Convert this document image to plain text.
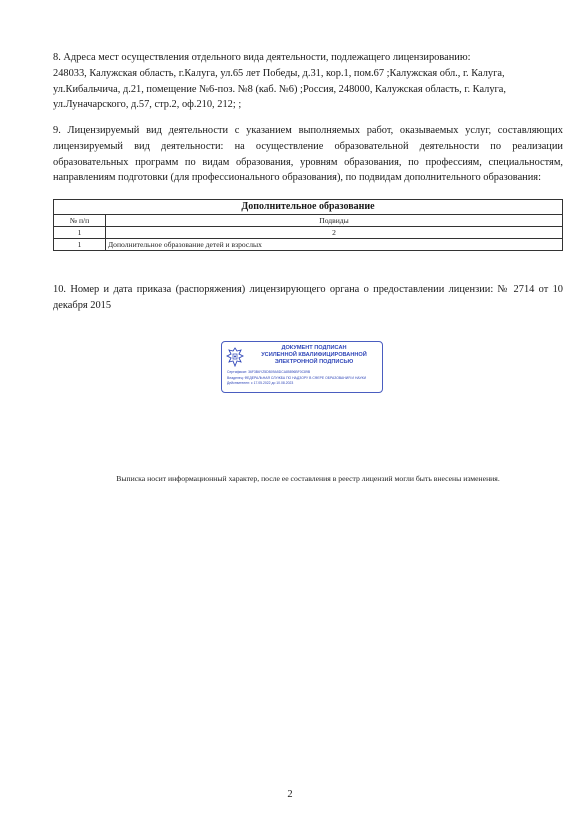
8. Адреса мест осуществления отдельного вида деятельности, подлежащего лицензированию:

248033, Калужская область, г.Калуга, ул.65 лет Победы, д.31, кор.1, пом.67 ;Калужская обл., г. Калуга,

ул.Кибальчича, д.21, помещение №6-поз. №8 (каб. №6) ;Россия, 248000, Калужская область, г. Калуга,

ул.Луначарского, д.57, стр.2, оф.210, 212; ;

9. Лицензируемый вид деятельности с указанием выполняемых работ, оказываемых услуг, составляющих лицензируемый вид деятельности: на осуществление образовательной деятельности по реализации образовательных программ по видам образования, уровням образования, по профессиям, специальностям, направлениям подготовки (для профессионального образования), по подвидам дополнительного образования:

Дополнительное образование	
№ п/п	Подвиды
1	2
1	Дополнительное образование детей и взрослых

10. Номер и дата приказа (распоряжения) лицензирующего органа о предоставлении лицензии: № 2714 от 10 декабря 2015

ДОКУМЕНТ ПОДПИСАН
УСИЛЕННОЙ КВАЛИФИЦИРОВАННОЙ
ЭЛЕКТРОННОЙ ПОДПИСЬЮ
Сертификат: 36F3B6YZ5DB09A5DCA85896BF0C89B
Владелец: ФЕДЕРАЛЬНАЯ СЛУЖБА ПО НАДЗОРУ В СФЕРЕ ОБРАЗОВАНИЯ И НАУКИ
Действителен: с 17.05.2022 до 10.08.2023
Выписка носит информационный характер, после ее составления в реестр лицензий могли быть внесены изменения.
2
